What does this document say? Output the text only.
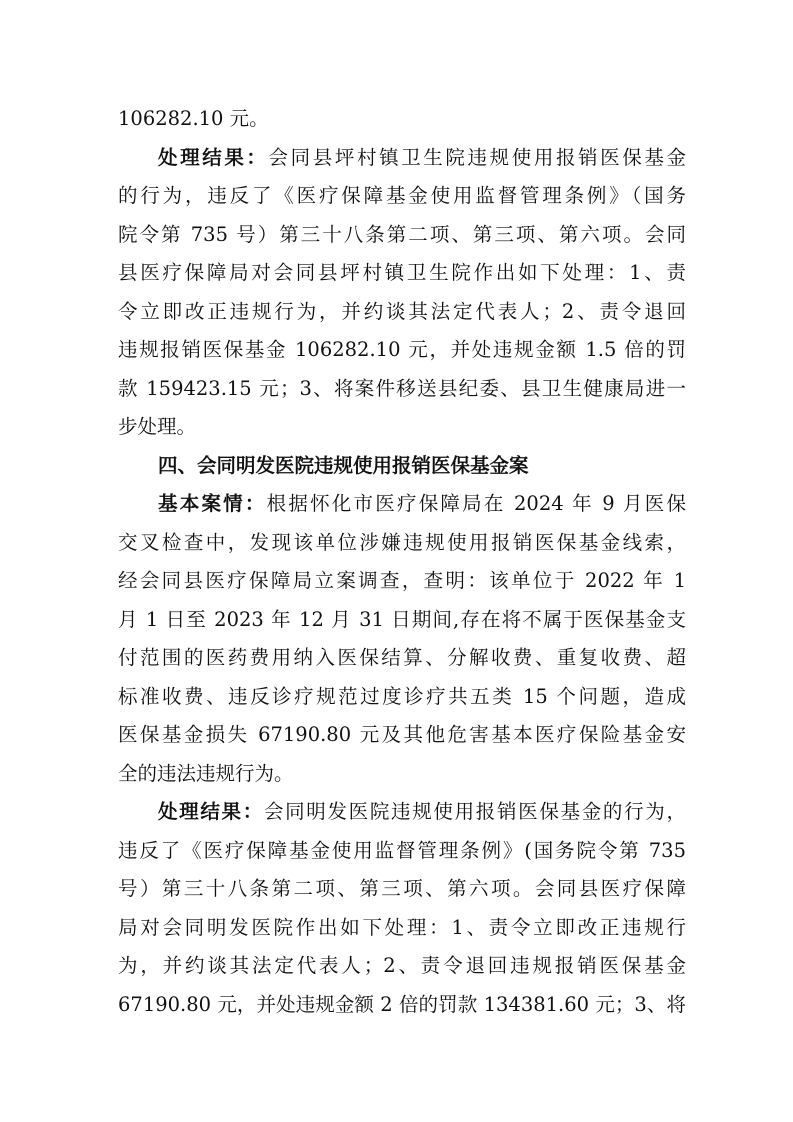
106282.10 元。
处理结果：会同县坪村镇卫生院违规使用报销医保基金
的行为，违反了《医疗保障基金使用监督管理条例》（国务
院令第 735 号）第三十八条第二项、第三项、第六项。会同
县医疗保障局对会同县坪村镇卫生院作出如下处理：1、责
令立即改正违规行为，并约谈其法定代表人；2、责令退回
违规报销医保基金 106282.10 元，并处违规金额 1.5 倍的罚
款 159423.15 元；3、将案件移送县纪委、县卫生健康局进一
步处理。
四、会同明发医院违规使用报销医保基金案
基本案情：根据怀化市医疗保障局在 2024 年 9 月医保
交叉检查中，发现该单位涉嫌违规使用报销医保基金线索，
经会同县医疗保障局立案调查，查明：该单位于 2022 年 1
月 1 日至 2023 年 12 月 31 日期间,存在将不属于医保基金支
付范围的医药费用纳入医保结算、分解收费、重复收费、超
标准收费、违反诊疗规范过度诊疗共五类 15 个问题，造成
医保基金损失 67190.80 元及其他危害基本医疗保险基金安
全的违法违规行为。
处理结果：会同明发医院违规使用报销医保基金的行为，
违反了《医疗保障基金使用监督管理条例》(国务院令第 735
号）第三十八条第二项、第三项、第六项。会同县医疗保障
局对会同明发医院作出如下处理：1、责令立即改正违规行
为，并约谈其法定代表人；2、责令退回违规报销医保基金
67190.80 元，并处违规金额 2 倍的罚款 134381.60 元；3、将
